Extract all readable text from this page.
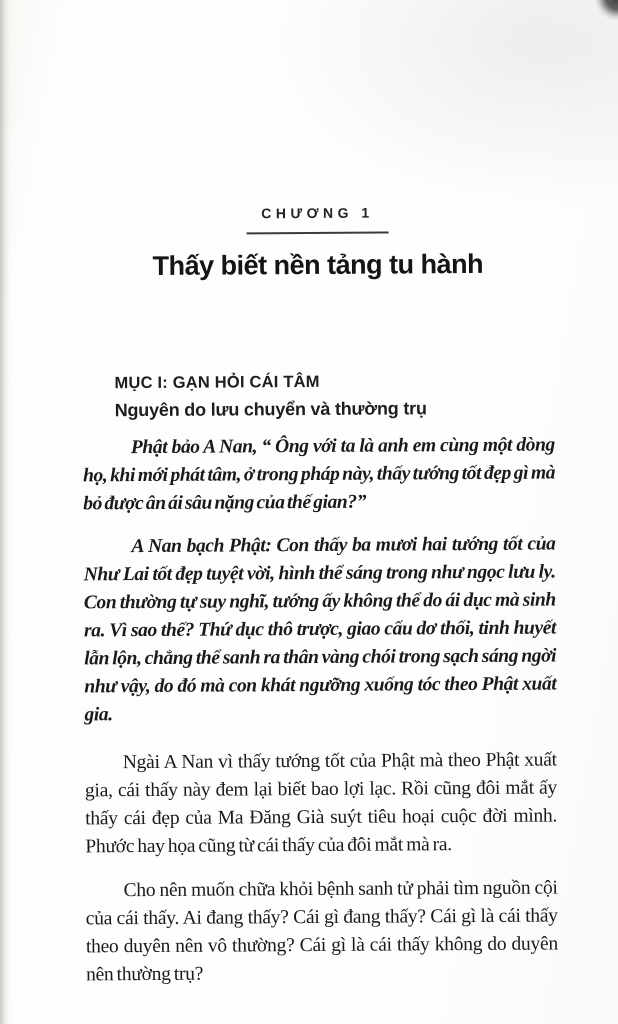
CHƯƠNG 1
Thấy biết nền tảng tu hành
MỤC I: GẠN HỎI CÁI TÂM
Nguyên do lưu chuyển và thường trụ

Phật bảo A Nan, “ Ông với ta là anh em cùng một dòng họ, khi mới phát tâm, ở trong pháp này, thấy tướng tốt đẹp gì mà bỏ được ân ái sâu nặng của thế gian?”

A Nan bạch Phật: Con thấy ba mươi hai tướng tốt của Như Lai tốt đẹp tuyệt vời, hình thể sáng trong như ngọc lưu ly. Con thường tự suy nghĩ, tướng ấy không thể do ái dục mà sinh ra. Vì sao thế? Thứ dục thô trược, giao cấu dơ thối, tinh huyết lẫn lộn, chẳng thể sanh ra thân vàng chói trong sạch sáng ngời như vậy, do đó mà con khát ngưỡng xuống tóc theo Phật xuất gia.

Ngài A Nan vì thấy tướng tốt của Phật mà theo Phật xuất gia, cái thấy này đem lại biết bao lợi lạc. Rồi cũng đôi mắt ấy thấy cái đẹp của Ma Đăng Già suýt tiêu hoại cuộc đời mình. Phước hay họa cũng từ cái thấy của đôi mắt mà ra.

Cho nên muốn chữa khỏi bệnh sanh tử phải tìm nguồn cội của cái thấy. Ai đang thấy? Cái gì đang thấy? Cái gì là cái thấy theo duyên nên vô thường? Cái gì là cái thấy không do duyên nên thường trụ?
